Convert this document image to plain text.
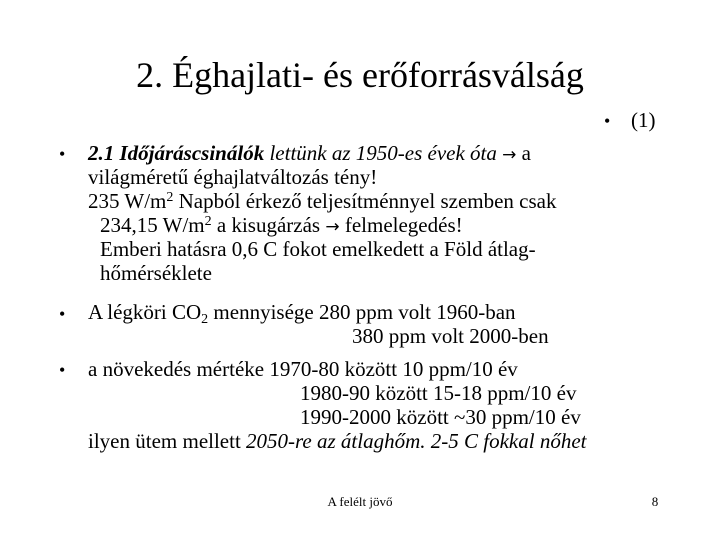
2. Éghajlati- és erőforrásválság
• (1)
• 2.1 Időjáráscsinálók lettünk az 1950-es évek óta → a
világméretű éghajlatváltozás tény!
235 $W/m^2$ Napból érkező teljesítménnyel szemben csak
234,15 $W/m^2$ a kisugárzás → felmelegedés!
Emberi hatásra 0,6 C fokot emelkedett a Föld átlag-
hőmérséklete
• A légköri $CO_2$ mennyisége 280 ppm volt 1960-ban
380 ppm volt 2000-ben
• a növekedés mértéke 1970-80 között 10 ppm/10 év
1980-90 között 15-18 ppm/10 év
1990-2000 között ~30 ppm/10 év
ilyen ütem mellett 2050-re az átlaghőm. 2-5 C fokkal nőhet
A felélt jövő	8
